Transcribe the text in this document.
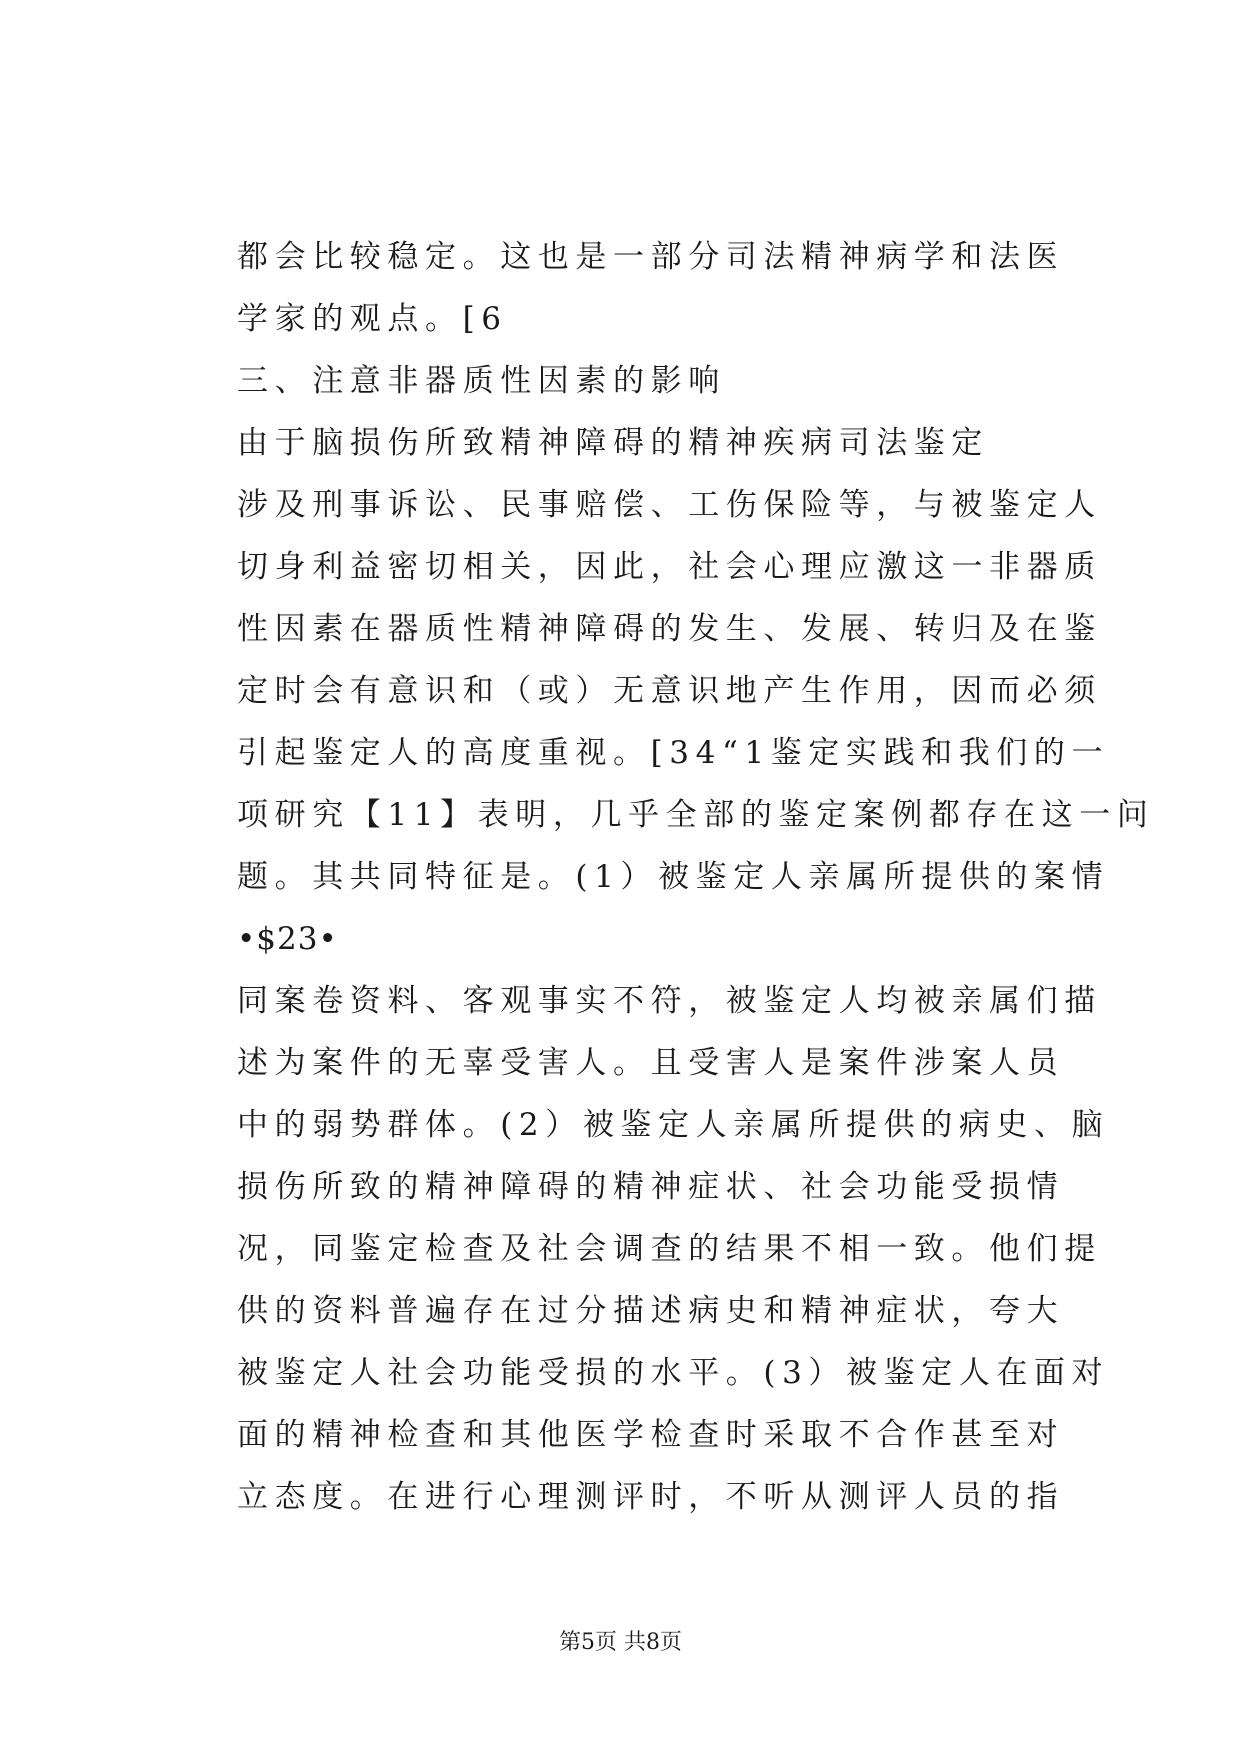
都会比较稳定。这也是一部分司法精神病学和法医
学家的观点。[6
三、注意非器质性因素的影响
由于脑损伤所致精神障碍的精神疾病司法鉴定
涉及刑事诉讼、民事赔偿、工伤保险等，与被鉴定人
切身利益密切相关，因此，社会心理应激这一非器质
性因素在器质性精神障碍的发生、发展、转归及在鉴
定时会有意识和（或）无意识地产生作用，因而必须
引起鉴定人的高度重视。[34“1鉴定实践和我们的一
项研究【11】表明，几乎全部的鉴定案例都存在这一问
题。其共同特征是。(1）被鉴定人亲属所提供的案情
•$23•
同案卷资料、客观事实不符，被鉴定人均被亲属们描
述为案件的无辜受害人。且受害人是案件涉案人员
中的弱势群体。(2）被鉴定人亲属所提供的病史、脑
损伤所致的精神障碍的精神症状、社会功能受损情
况，同鉴定检查及社会调查的结果不相一致。他们提
供的资料普遍存在过分描述病史和精神症状，夸大
被鉴定人社会功能受损的水平。(3）被鉴定人在面对
面的精神检查和其他医学检查时采取不合作甚至对
立态度。在进行心理测评时，不听从测评人员的指
第5页 共8页
